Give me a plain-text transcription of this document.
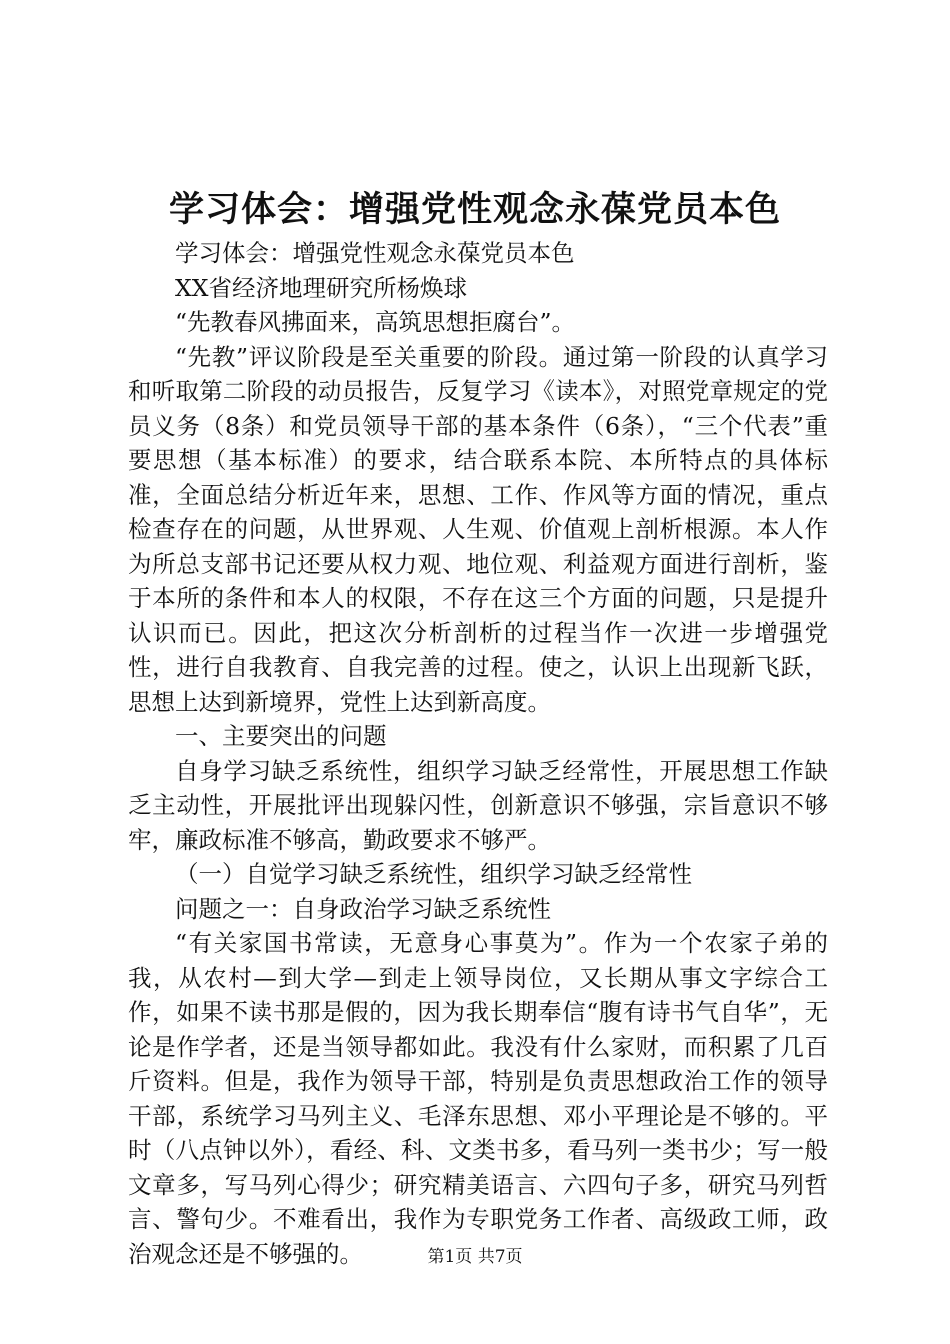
学习体会：增强党性观念永葆党员本色

学习体会：增强党性观念永葆党员本色

XX省经济地理研究所杨焕球

“先教春风拂面来，高筑思想拒腐台”。

“先教”评议阶段是至关重要的阶段。通过第一阶段的认真学习和听取第二阶段的动员报告，反复学习《读本》，对照党章规定的党员义务（8条）和党员领导干部的基本条件（6条），“三个代表”重要思想（基本标准）的要求，结合联系本院、本所特点的具体标准，全面总结分析近年来，思想、工作、作风等方面的情况，重点检查存在的问题，从世界观、人生观、价值观上剖析根源。本人作为所总支部书记还要从权力观、地位观、利益观方面进行剖析，鉴于本所的条件和本人的权限，不存在这三个方面的问题，只是提升认识而已。因此，把这次分析剖析的过程当作一次进一步增强党性，进行自我教育、自我完善的过程。使之，认识上出现新飞跃，思想上达到新境界，党性上达到新高度。

一、主要突出的问题

自身学习缺乏系统性，组织学习缺乏经常性，开展思想工作缺乏主动性，开展批评出现躲闪性，创新意识不够强，宗旨意识不够牢，廉政标准不够高，勤政要求不够严。

（一）自觉学习缺乏系统性，组织学习缺乏经常性

问题之一：自身政治学习缺乏系统性

“有关家国书常读，无意身心事莫为”。作为一个农家子弟的我，从农村—到大学—到走上领导岗位，又长期从事文字综合工作，如果不读书那是假的，因为我长期奉信“腹有诗书气自华”，无论是作学者，还是当领导都如此。我没有什么家财，而积累了几百斤资料。但是，我作为领导干部，特别是负责思想政治工作的领导干部，系统学习马列主义、毛泽东思想、邓小平理论是不够的。平时（八点钟以外），看经、科、文类书多，看马列一类书少；写一般文章多，写马列心得少；研究精美语言、六四句子多，研究马列哲言、警句少。不难看出，我作为专职党务工作者、高级政工师，政治观念还是不够强的。	第1页 共7页
